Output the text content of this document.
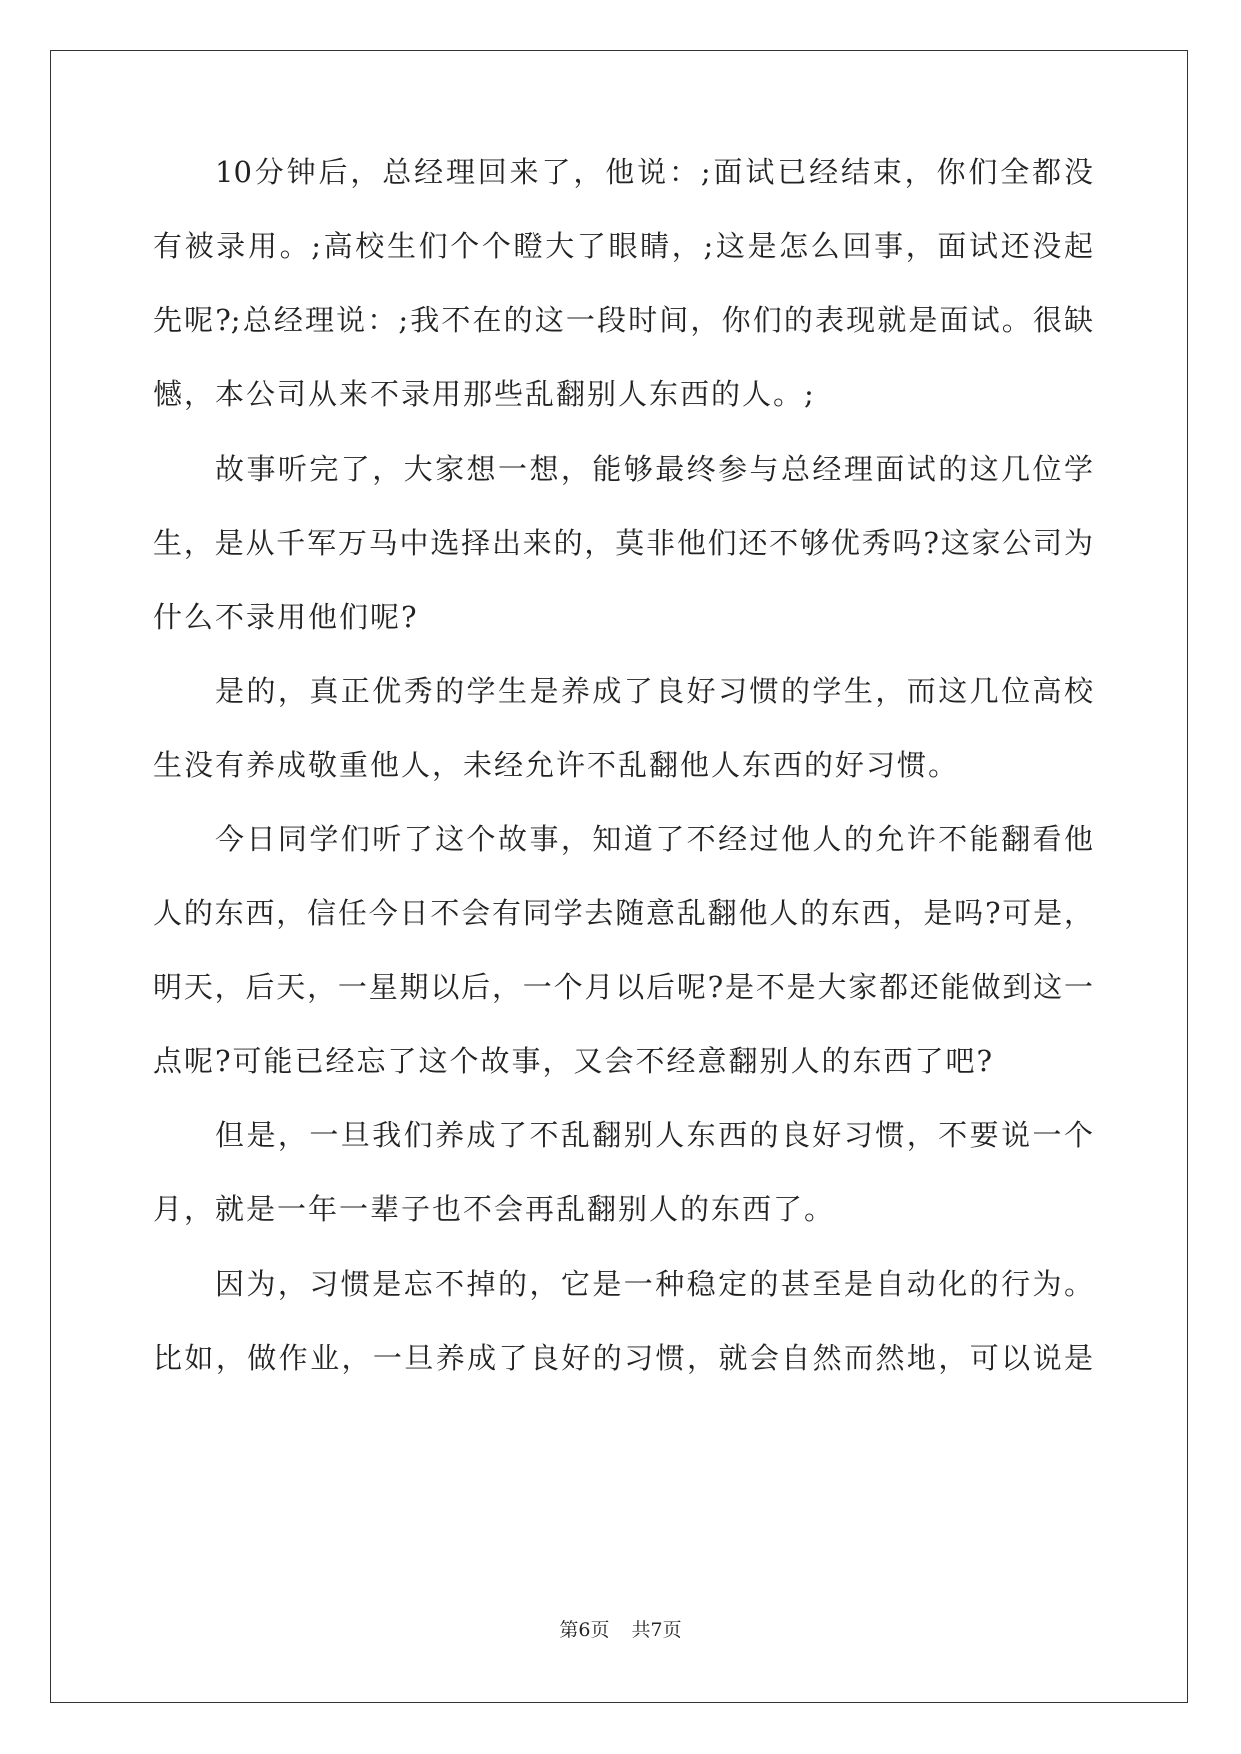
10分钟后，总经理回来了，他说：;面试已经结束，你们全都没
有被录用。;高校生们个个瞪大了眼睛，;这是怎么回事，面试还没起
先呢?;总经理说：;我不在的这一段时间，你们的表现就是面试。很缺
憾，本公司从来不录用那些乱翻别人东西的人。;
故事听完了，大家想一想，能够最终参与总经理面试的这几位学
生，是从千军万马中选择出来的，莫非他们还不够优秀吗?这家公司为
什么不录用他们呢?
是的，真正优秀的学生是养成了良好习惯的学生，而这几位高校
生没有养成敬重他人，未经允许不乱翻他人东西的好习惯。
今日同学们听了这个故事，知道了不经过他人的允许不能翻看他
人的东西，信任今日不会有同学去随意乱翻他人的东西，是吗?可是，
明天，后天，一星期以后，一个月以后呢?是不是大家都还能做到这一
点呢?可能已经忘了这个故事，又会不经意翻别人的东西了吧?
但是，一旦我们养成了不乱翻别人东西的良好习惯，不要说一个
月，就是一年一辈子也不会再乱翻别人的东西了。
因为，习惯是忘不掉的，它是一种稳定的甚至是自动化的行为。
比如，做作业，一旦养成了良好的习惯，就会自然而然地，可以说是
第6页 共7页
